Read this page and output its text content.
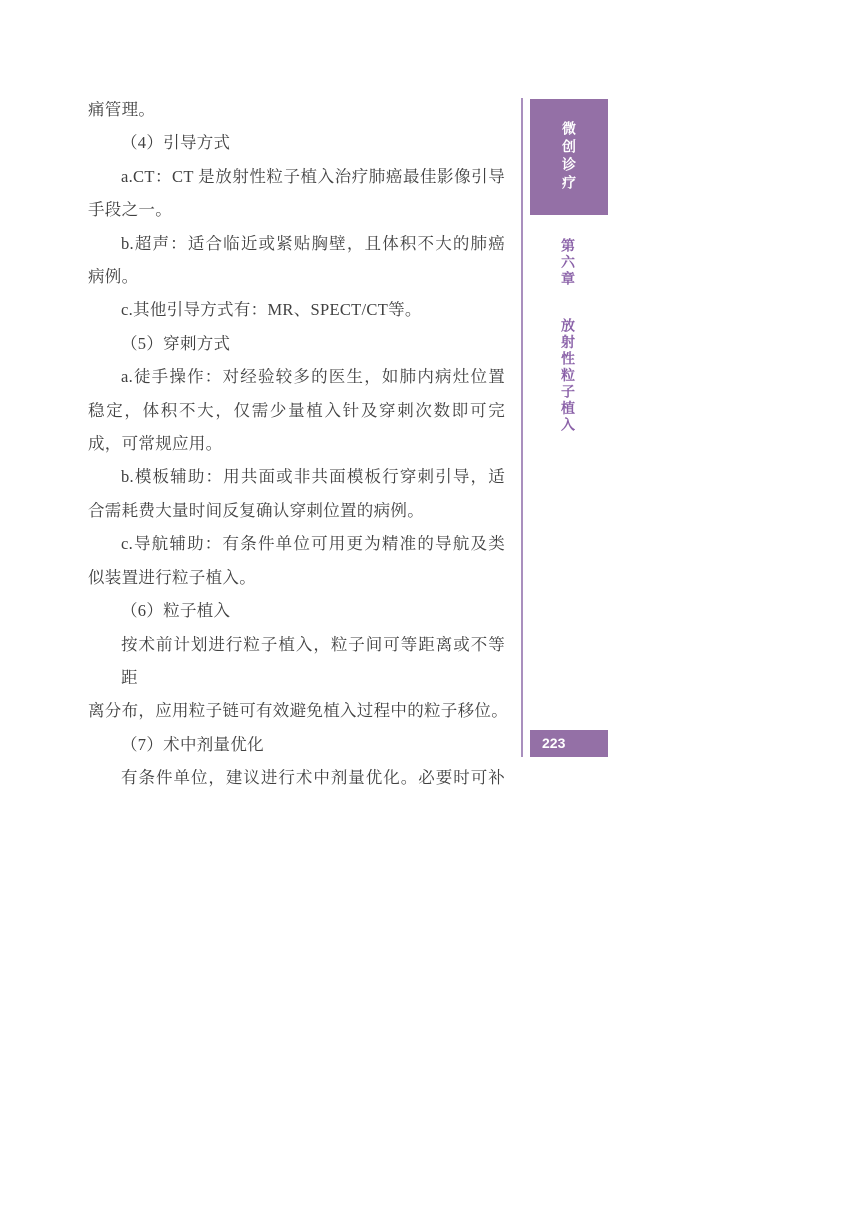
痛管理。
（4）引导方式
a.CT：CT 是放射性粒子植入治疗肺癌最佳影像引导
手段之一。
b.超声：适合临近或紧贴胸壁，且体积不大的肺癌
病例。
c.其他引导方式有：MR、SPECT/CT等。
（5）穿刺方式
a.徒手操作：对经验较多的医生，如肺内病灶位置
稳定，体积不大，仅需少量植入针及穿刺次数即可完
成，可常规应用。
b.模板辅助：用共面或非共面模板行穿刺引导，适
合需耗费大量时间反复确认穿刺位置的病例。
c.导航辅助：有条件单位可用更为精准的导航及类
似装置进行粒子植入。
（6）粒子植入
按术前计划进行粒子植入，粒子间可等距离或不等距
离分布，应用粒子链可有效避免植入过程中的粒子移位。
（7）术中剂量优化
有条件单位，建议进行术中剂量优化。必要时可补
微创诊疗
第六章 放射性粒子植入
223
